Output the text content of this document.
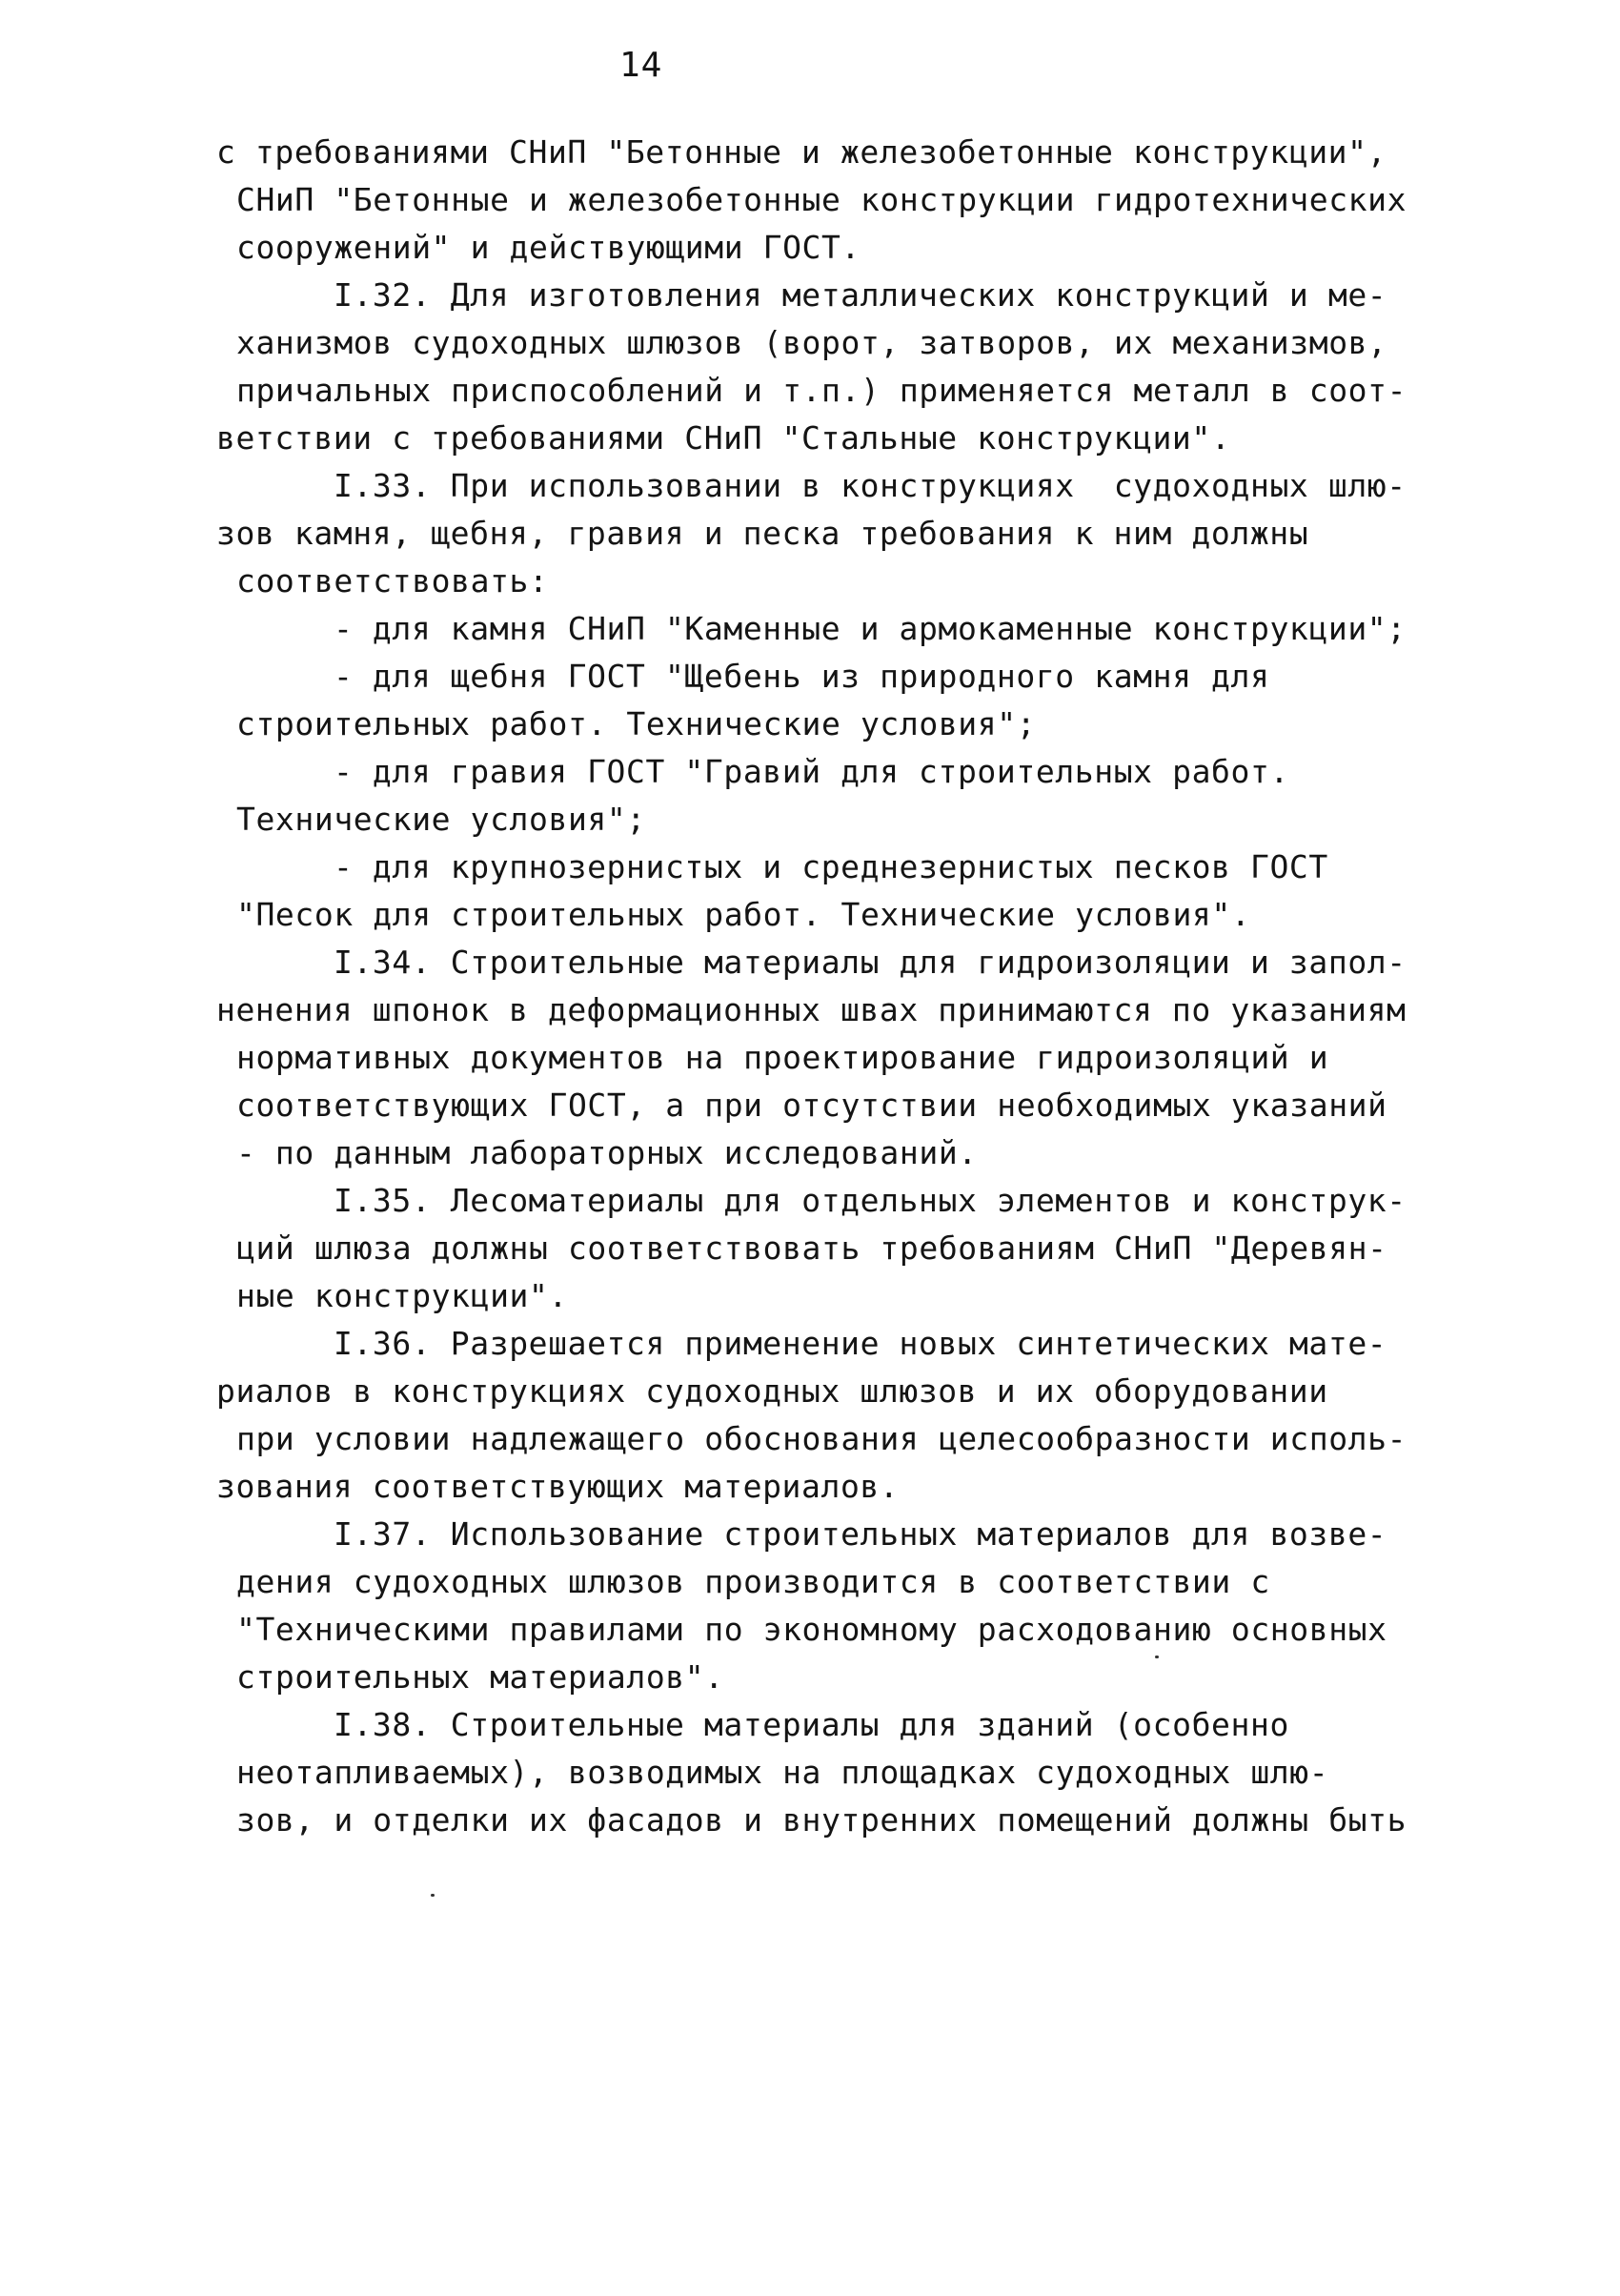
14
с требованиями СНиП "Бетонные и железобетонные конструкции",
СНиП "Бетонные и железобетонные конструкции гидротехнических
сооружений" и действующими ГОСТ.
I.32. Для изготовления металлических конструкций и ме-
ханизмов судоходных шлюзов (ворот, затворов, их механизмов,
причальных приспособлений и т.п.) применяется металл в соот-
ветствии с требованиями СНиП "Стальные конструкции".
I.33. При использовании в конструкциях  судоходных шлю-
зов камня, щебня, гравия и песка требования к ним должны
соответствовать:
- для камня СНиП "Каменные и армокаменные конструкции";
- для щебня ГОСТ "Щебень из природного камня для
строительных работ. Технические условия";
- для гравия ГОСТ "Гравий для строительных работ.
Технические условия";
- для крупнозернистых и среднезернистых песков ГОСТ
"Песок для строительных работ. Технические условия".
I.34. Строительные материалы для гидроизоляции и запол-
ненения шпонок в деформационных швах принимаются по указаниям
нормативных документов на проектирование гидроизоляций и
соответствующих ГОСТ, а при отсутствии необходимых указаний
- по данным лабораторных исследований.
I.35. Лесоматериалы для отдельных элементов и конструк-
ций шлюза должны соответствовать требованиям СНиП "Деревян-
ные конструкции".
I.36. Разрешается применение новых синтетических мате-
риалов в конструкциях судоходных шлюзов и их оборудовании
при условии надлежащего обоснования целесообразности исполь-
зования соответствующих материалов.
I.37. Использование строительных материалов для возве-
дения судоходных шлюзов производится в соответствии с
"Техническими правилами по экономному расходованию основных
строительных материалов".
I.38. Строительные материалы для зданий (особенно
неотапливаемых), возводимых на площадках судоходных шлю-
зов, и отделки их фасадов и внутренних помещений должны быть
